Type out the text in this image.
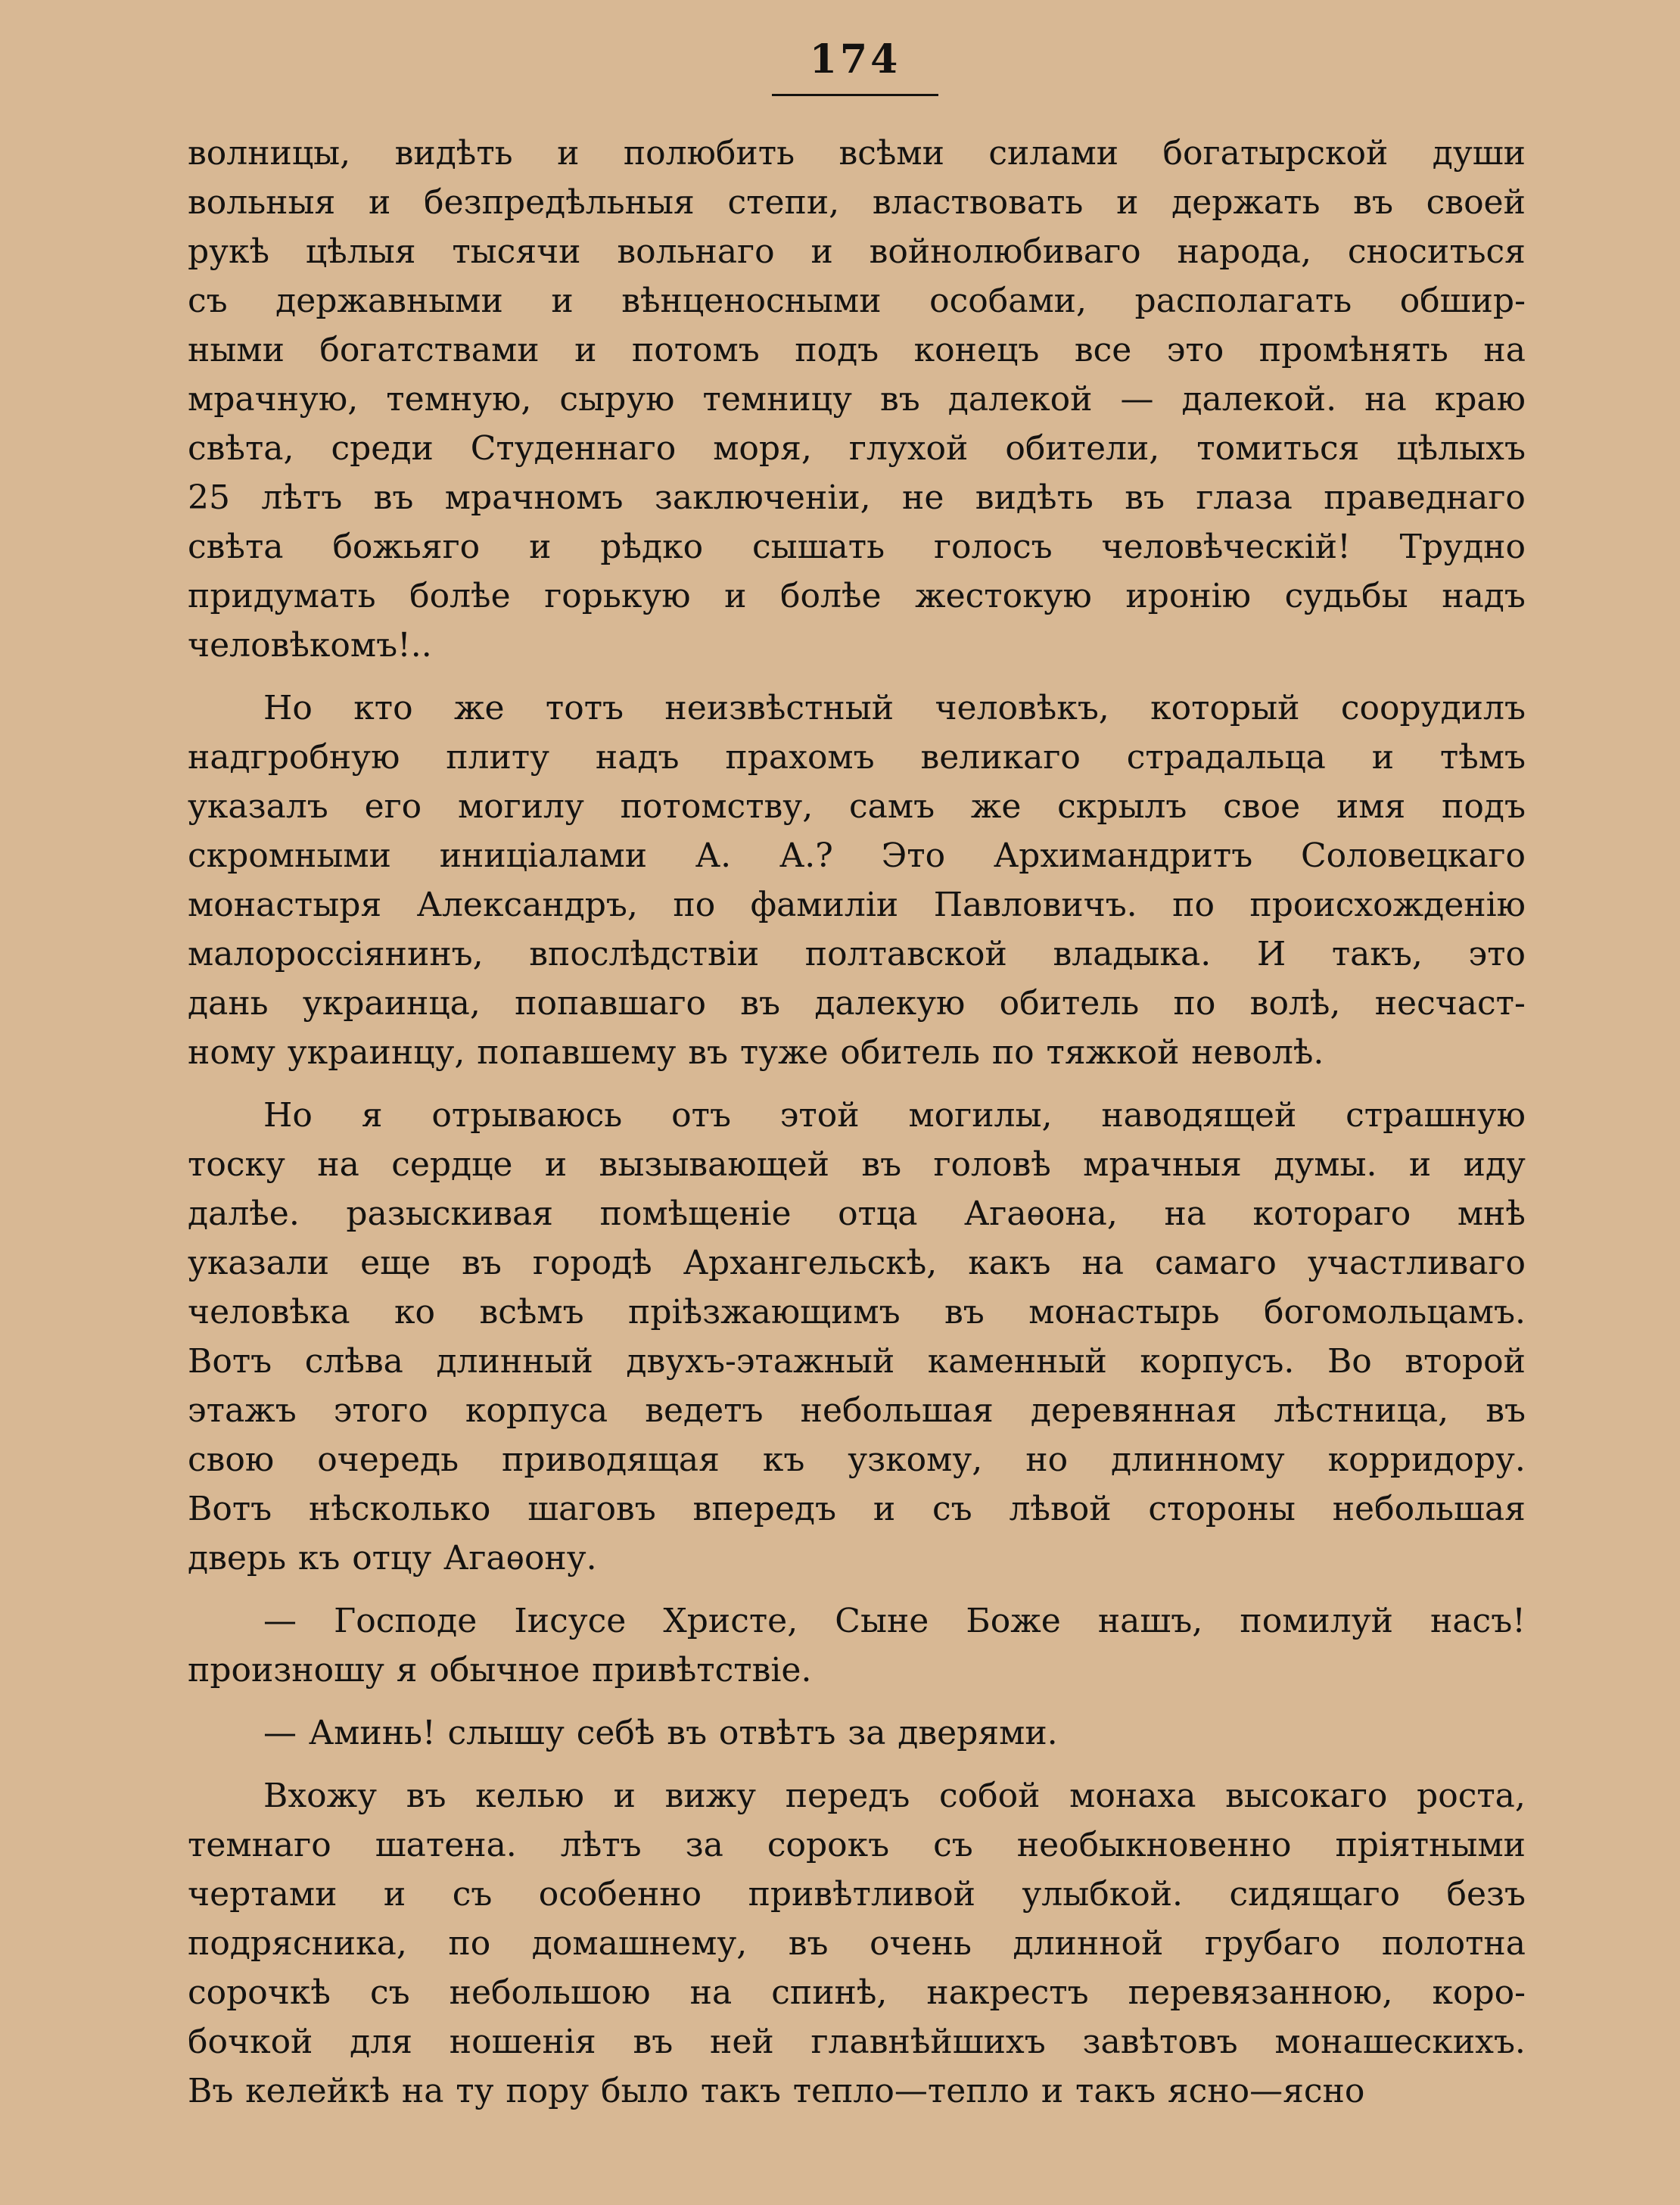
174
волницы, видѣть и полюбить всѣми силами богатырской души
вольныя и безпредѣльныя степи, властвовать и держать въ своей
рукѣ цѣлыя тысячи вольнаго и войнолюбиваго народа, сноситься
съ державными и вѣнценосными особами, располагать обшир-
ными богатствами и потомъ подъ конецъ все это промѣнять на
мрачную, темную, сырую темницу въ далекой — далекой. на краю
свѣта, среди Студеннаго моря, глухой обители, томиться цѣлыхъ
25 лѣтъ въ мрачномъ заключеніи, не видѣть въ глаза праведнаго
свѣта божьяго и рѣдко сышать голосъ человѣческій! Трудно
придумать болѣе горькую и болѣе жестокую иронію судьбы надъ
человѣкомъ!..
Но кто же тотъ неизвѣстный человѣкъ, который соорудилъ
надгробную плиту надъ прахомъ великаго страдальца и тѣмъ
указалъ его могилу потомству, самъ же скрылъ свое имя подъ
скромными иниціалами А. А.? Это Архимандритъ Соловецкаго
монастыря Александръ, по фамиліи Павловичъ. по происхожденію
малороссіянинъ, впослѣдствіи полтавской владыка. И такъ, это
дань украинца, попавшаго въ далекую обитель по волѣ, несчаст-
ному украинцу, попавшему въ туже обитель по тяжкой неволѣ.
Но я отрываюсь отъ этой могилы, наводящей страшную
тоску на сердце и вызывающей въ головѣ мрачныя думы. и иду
далѣе. разыскивая помѣщеніе отца Агаѳона, на котораго мнѣ
указали еще въ городѣ Архангельскѣ, какъ на самаго участливаго
человѣка ко всѣмъ пріѣзжающимъ въ монастырь богомольцамъ.
Вотъ слѣва длинный двухъ-этажный каменный корпусъ. Во второй
этажъ этого корпуса ведетъ небольшая деревянная лѣстница, въ
свою очередь приводящая къ узкому, но длинному корридору.
Вотъ нѣсколько шаговъ впередъ и съ лѣвой стороны небольшая
дверь къ отцу Агаѳону.
— Господе Іисусе Христе, Сыне Боже нашъ, помилуй насъ!
произношу я обычное привѣтствіе.
— Аминь! слышу себѣ въ отвѣтъ за дверями.
Вхожу въ келью и вижу передъ собой монаха высокаго роста,
темнаго шатена. лѣтъ за сорокъ съ необыкновенно пріятными
чертами и съ особенно привѣтливой улыбкой. сидящаго безъ
подрясника, по домашнему, въ очень длинной грубаго полотна
сорочкѣ съ небольшою на спинѣ, накрестъ перевязанною, коро-
бочкой для ношенія въ ней главнѣйшихъ завѣтовъ монашескихъ.
Въ келейкѣ на ту пору было такъ тепло—тепло и такъ ясно—ясно
